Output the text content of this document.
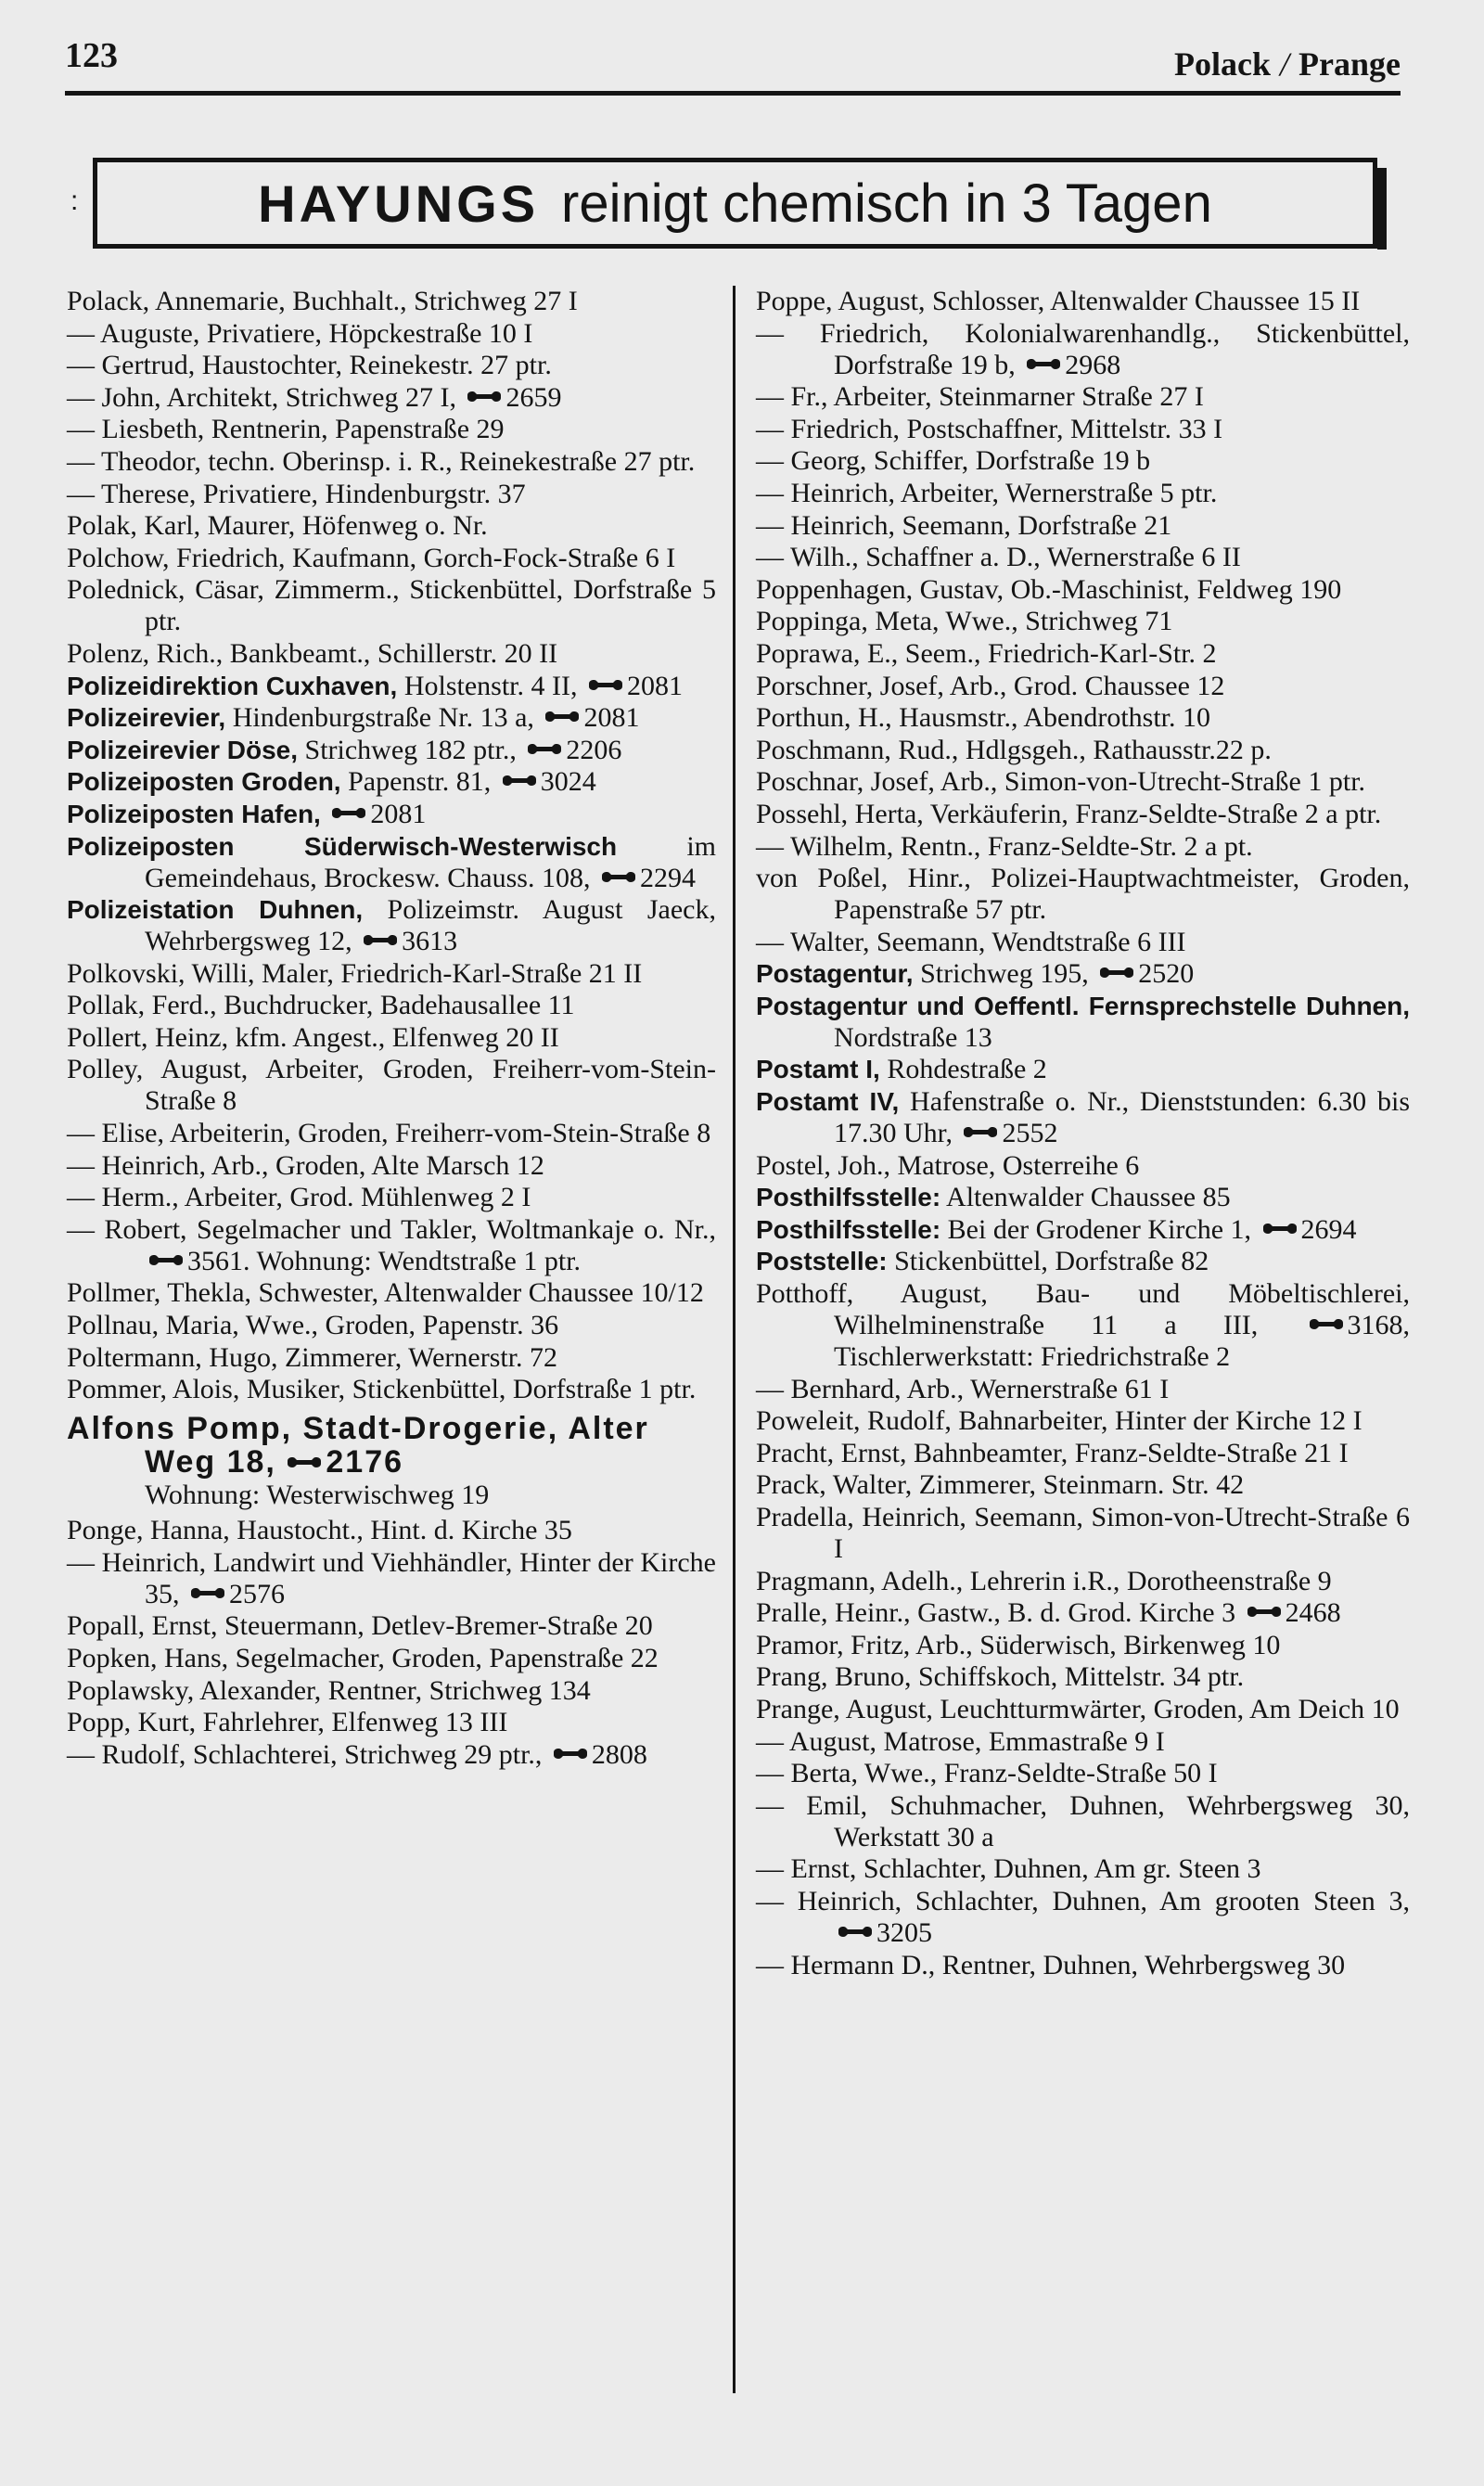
123	Polack / Prange
:	HAYUNGS reinigt chemisch in 3 Tagen
Polack, Annemarie, Buchhalt., Strichweg 27 I
— Auguste, Privatiere, Höpckestraße 10 I
— Gertrud, Haustochter, Reinekestr. 27 ptr.
— John, Architekt, Strichweg 27 I, 2659
— Liesbeth, Rentnerin, Papenstraße 29
— Theodor, techn. Oberinsp. i. R., Reinekestraße 27 ptr.
— Therese, Privatiere, Hindenburgstr. 37
Polak, Karl, Maurer, Höfenweg o. Nr.
Polchow, Friedrich, Kaufmann, Gorch-Fock-Straße 6 I
Polednick, Cäsar, Zimmerm., Stickenbüttel, Dorfstraße 5 ptr.
Polenz, Rich., Bankbeamt., Schillerstr. 20 II
Polizeidirektion Cuxhaven, Holstenstr. 4 II, 2081
Polizeirevier, Hindenburgstraße Nr. 13 a, 2081
Polizeirevier Döse, Strichweg 182 ptr., 2206
Polizeiposten Groden, Papenstr. 81, 3024
Polizeiposten Hafen, 2081
Polizeiposten Süderwisch-Westerwisch	im Gemeindehaus, Brockesw. Chauss. 108, 2294
Polizeistation Duhnen, Polizeimstr. August Jaeck, Wehrbergsweg 12, 3613
Polkovski, Willi, Maler, Friedrich-Karl-Straße 21 II
Pollak, Ferd., Buchdrucker, Badehausallee 11
Pollert, Heinz, kfm. Angest., Elfenweg 20 II
Polley, August, Arbeiter, Groden, Freiherr-vom-Stein-Straße 8
— Elise, Arbeiterin, Groden, Freiherr-vom-Stein-Straße 8
— Heinrich, Arb., Groden, Alte Marsch 12
— Herm., Arbeiter, Grod. Mühlenweg 2 I
— Robert, Segelmacher und Takler, Woltmankaje o. Nr., 3561. Wohnung: Wendtstraße 1 ptr.
Pollmer, Thekla, Schwester, Altenwalder Chaussee 10/12
Pollnau, Maria, Wwe., Groden, Papenstr. 36
Poltermann, Hugo, Zimmerer, Wernerstr. 72
Pommer, Alois, Musiker, Stickenbüttel, Dorfstraße 1 ptr.
Alfons Pomp, Stadt-Drogerie, Alter Weg 18, 2176
Wohnung: Westerwischweg 19
Ponge, Hanna, Haustocht., Hint. d. Kirche 35
— Heinrich, Landwirt und Viehhändler, Hinter der Kirche 35, 2576
Popall, Ernst, Steuermann, Detlev-Bremer-Straße 20
Popken, Hans, Segelmacher, Groden, Papenstraße 22
Poplawsky, Alexander, Rentner, Strichweg 134
Popp, Kurt, Fahrlehrer, Elfenweg 13 III
— Rudolf, Schlachterei, Strichweg 29 ptr., 2808
Poppe, August, Schlosser, Altenwalder Chaussee 15 II
— Friedrich, Kolonialwarenhandlg., Stickenbüttel, Dorfstraße 19 b, 2968
— Fr., Arbeiter, Steinmarner Straße 27 I
— Friedrich, Postschaffner, Mittelstr. 33 I
— Georg, Schiffer, Dorfstraße 19 b
— Heinrich, Arbeiter, Wernerstraße 5 ptr.
— Heinrich, Seemann, Dorfstraße 21
— Wilh., Schaffner a. D., Wernerstraße 6 II
Poppenhagen, Gustav, Ob.-Maschinist, Feldweg 190
Poppinga, Meta, Wwe., Strichweg 71
Poprawa, E., Seem., Friedrich-Karl-Str. 2
Porschner, Josef, Arb., Grod. Chaussee 12
Porthun, H., Hausmstr., Abendrothstr. 10
Poschmann, Rud., Hdlgsgeh., Rathausstr.22 p.
Poschnar, Josef, Arb., Simon-von-Utrecht-Straße 1 ptr.
Possehl, Herta, Verkäuferin, Franz-Seldte-Straße 2 a ptr.
— Wilhelm, Rentn., Franz-Seldte-Str. 2 a pt.
von Poßel, Hinr., Polizei-Hauptwachtmeister, Groden, Papenstraße 57 ptr.
— Walter, Seemann, Wendtstraße 6 III
Postagentur, Strichweg 195, 2520
Postagentur und Oeffentl. Fernsprechstelle Duhnen, Nordstraße 13
Postamt I, Rohdestraße 2
Postamt IV, Hafenstraße o. Nr., Dienststunden: 6.30 bis 17.30 Uhr, 2552
Postel, Joh., Matrose, Osterreihe 6
Posthilfsstelle: Altenwalder Chaussee 85
Posthilfsstelle: Bei der Grodener Kirche 1, 2694
Poststelle: Stickenbüttel, Dorfstraße 82
Potthoff, August, Bau- und Möbeltischlerei, Wilhelminenstraße 11 a III,	3168, Tischlerwerkstatt: Friedrichstraße 2
— Bernhard, Arb., Wernerstraße 61 I
Poweleit, Rudolf, Bahnarbeiter, Hinter der Kirche 12 I
Pracht, Ernst, Bahnbeamter, Franz-Seldte-Straße 21 I
Prack, Walter, Zimmerer, Steinmarn. Str. 42
Pradella, Heinrich, Seemann, Simon-von-Utrecht-Straße 6 I
Pragmann, Adelh., Lehrerin i.R., Dorotheenstraße 9
Pralle, Heinr., Gastw., B. d. Grod. Kirche 3 2468
Pramor, Fritz, Arb., Süderwisch, Birkenweg 10
Prang, Bruno, Schiffskoch, Mittelstr. 34 ptr.
Prange, August, Leuchtturmwärter, Groden, Am Deich 10
— August, Matrose, Emmastraße 9 I
— Berta, Wwe., Franz-Seldte-Straße 50 I
— Emil, Schuhmacher, Duhnen, Wehrbergsweg 30, Werkstatt 30 a
— Ernst, Schlachter, Duhnen, Am gr. Steen 3
— Heinrich, Schlachter, Duhnen, Am grooten Steen 3, 3205
— Hermann D., Rentner, Duhnen, Wehrbergsweg 30
